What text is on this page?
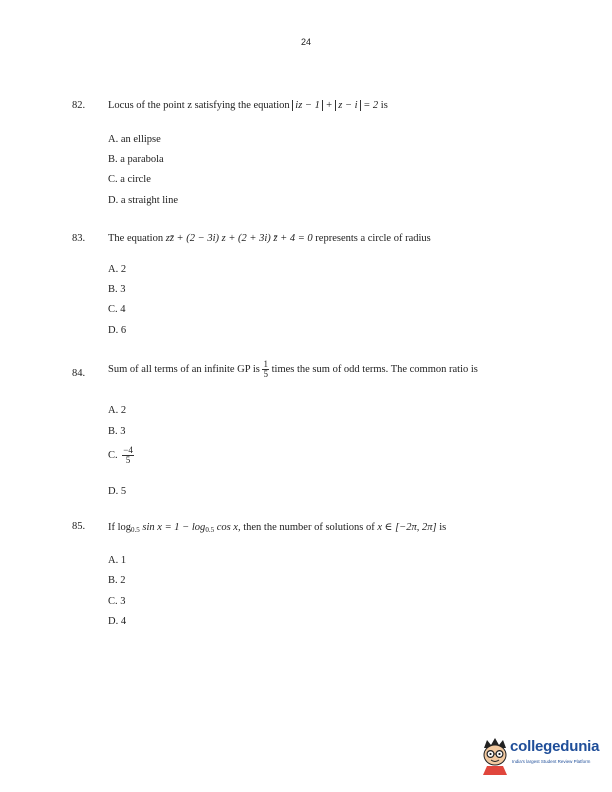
24
82. Locus of the point z satisfying the equation iz − 1 + z − i = 2 is
A. an ellipse
B. a parabola
C. a circle
D. a straight line
83. The equation zz̄ + (2 − 3i) z + (2 + 3i) z̄ + 4 = 0 represents a circle of radius
A. 2
B. 3
C. 4
D. 6
84. Sum of all terms of an infinite GP is $\frac{1}{5}$ times the sum of odd terms. The common ratio is
A. 2
B. 3
C. $\frac{-4}{5}$
D. 5
85. If $\log_{0.5} \sin x = 1 - \log_{0.5} \cos x$, then the number of solutions of x ∈ [−2π, 2π] is
A. 1
B. 2
C. 3
D. 4
collegedunia
India's largest Student Review Platform
